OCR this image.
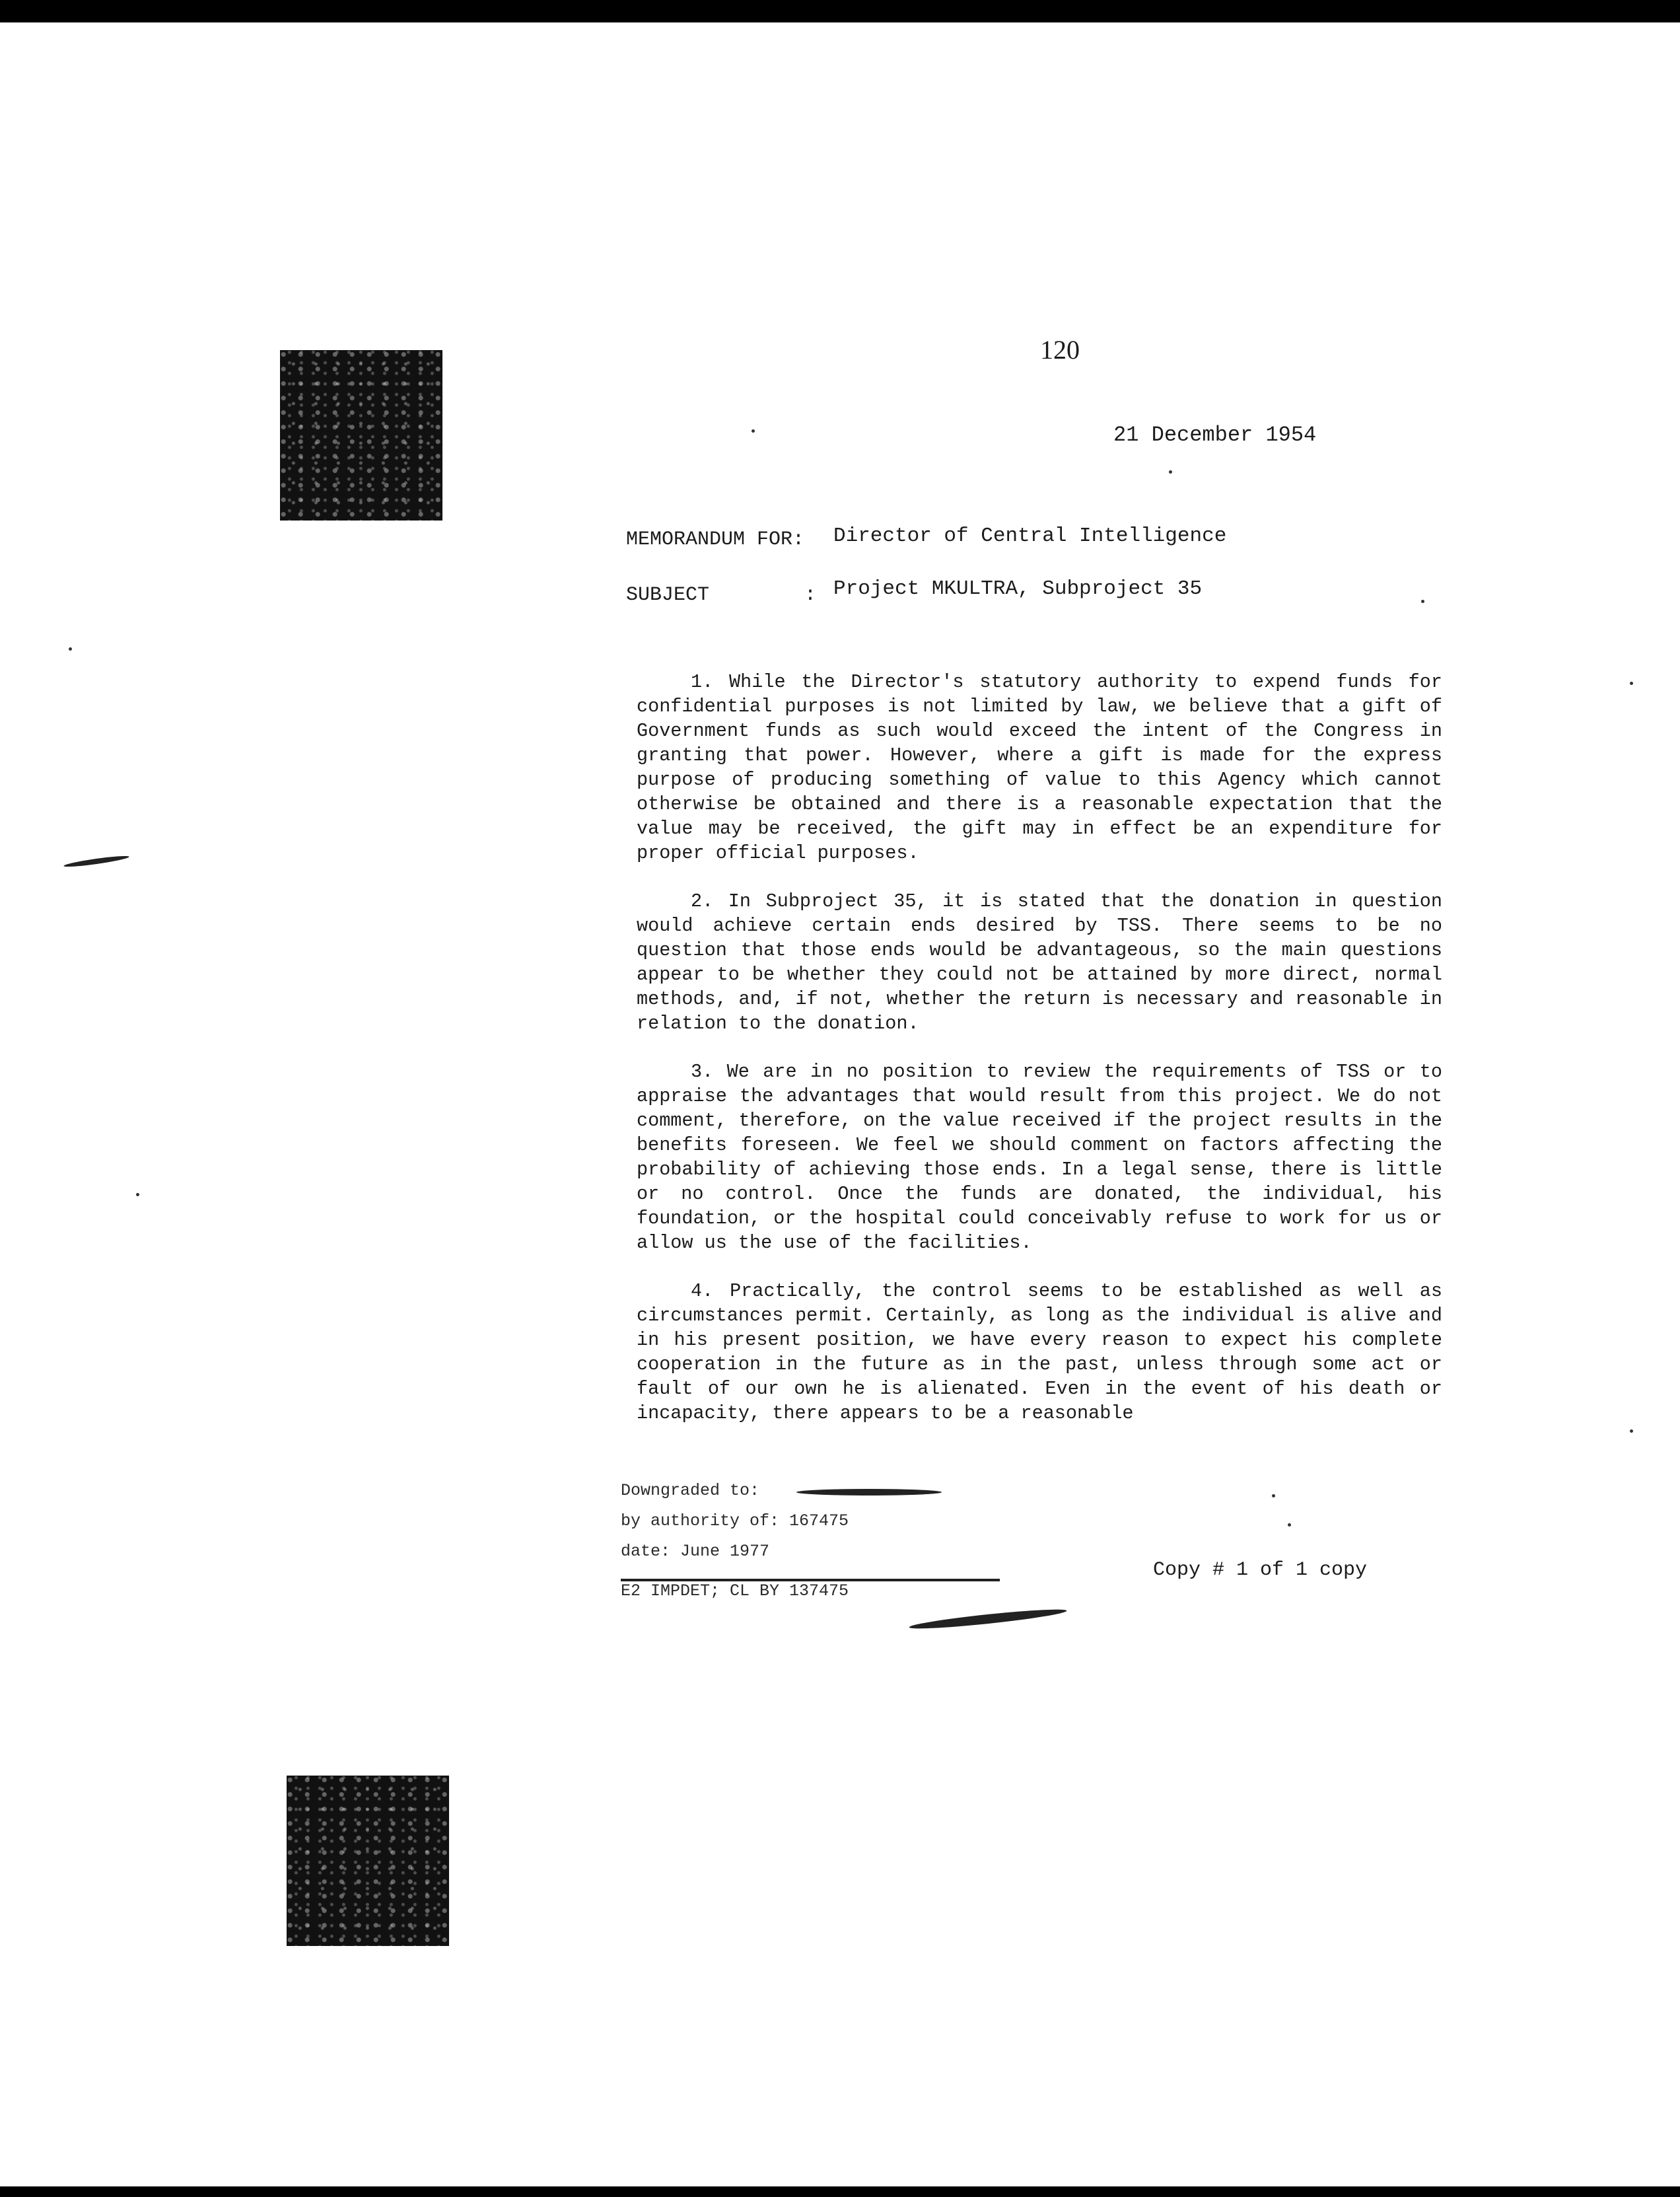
120
21 December 1954
MEMORANDUM FOR: Director of Central Intelligence
SUBJECT        : Project MKULTRA, Subproject 35

1. While the Director's statutory authority to expend funds for confidential purposes is not limited by law, we believe that a gift of Government funds as such would exceed the intent of the Congress in granting that power. However, where a gift is made for the express purpose of producing something of value to this Agency which cannot otherwise be obtained and there is a reasonable expectation that the value may be received, the gift may in effect be an expenditure for proper official purposes.

2. In Subproject 35, it is stated that the donation in question would achieve certain ends desired by TSS. There seems to be no question that those ends would be advantageous, so the main questions appear to be whether they could not be attained by more direct, normal methods, and, if not, whether the return is necessary and reasonable in relation to the donation.

3. We are in no position to review the requirements of TSS or to appraise the advantages that would result from this project. We do not comment, therefore, on the value received if the project results in the benefits foreseen. We feel we should comment on factors affecting the probability of achieving those ends. In a legal sense, there is little or no control. Once the funds are donated, the individual, his foundation, or the hospital could conceivably refuse to work for us or allow us the use of the facilities.

4. Practically, the control seems to be established as well as circumstances permit. Certainly, as long as the individual is alive and in his present position, we have every reason to expect his complete cooperation in the future as in the past, unless through some act or fault of our own he is alienated. Even in the event of his death or incapacity, there appears to be a reasonable

Downgraded to:
by authority of: 167475
date: June 1977
E2 IMPDET; CL BY 137475
Copy # 1 of 1 copy
